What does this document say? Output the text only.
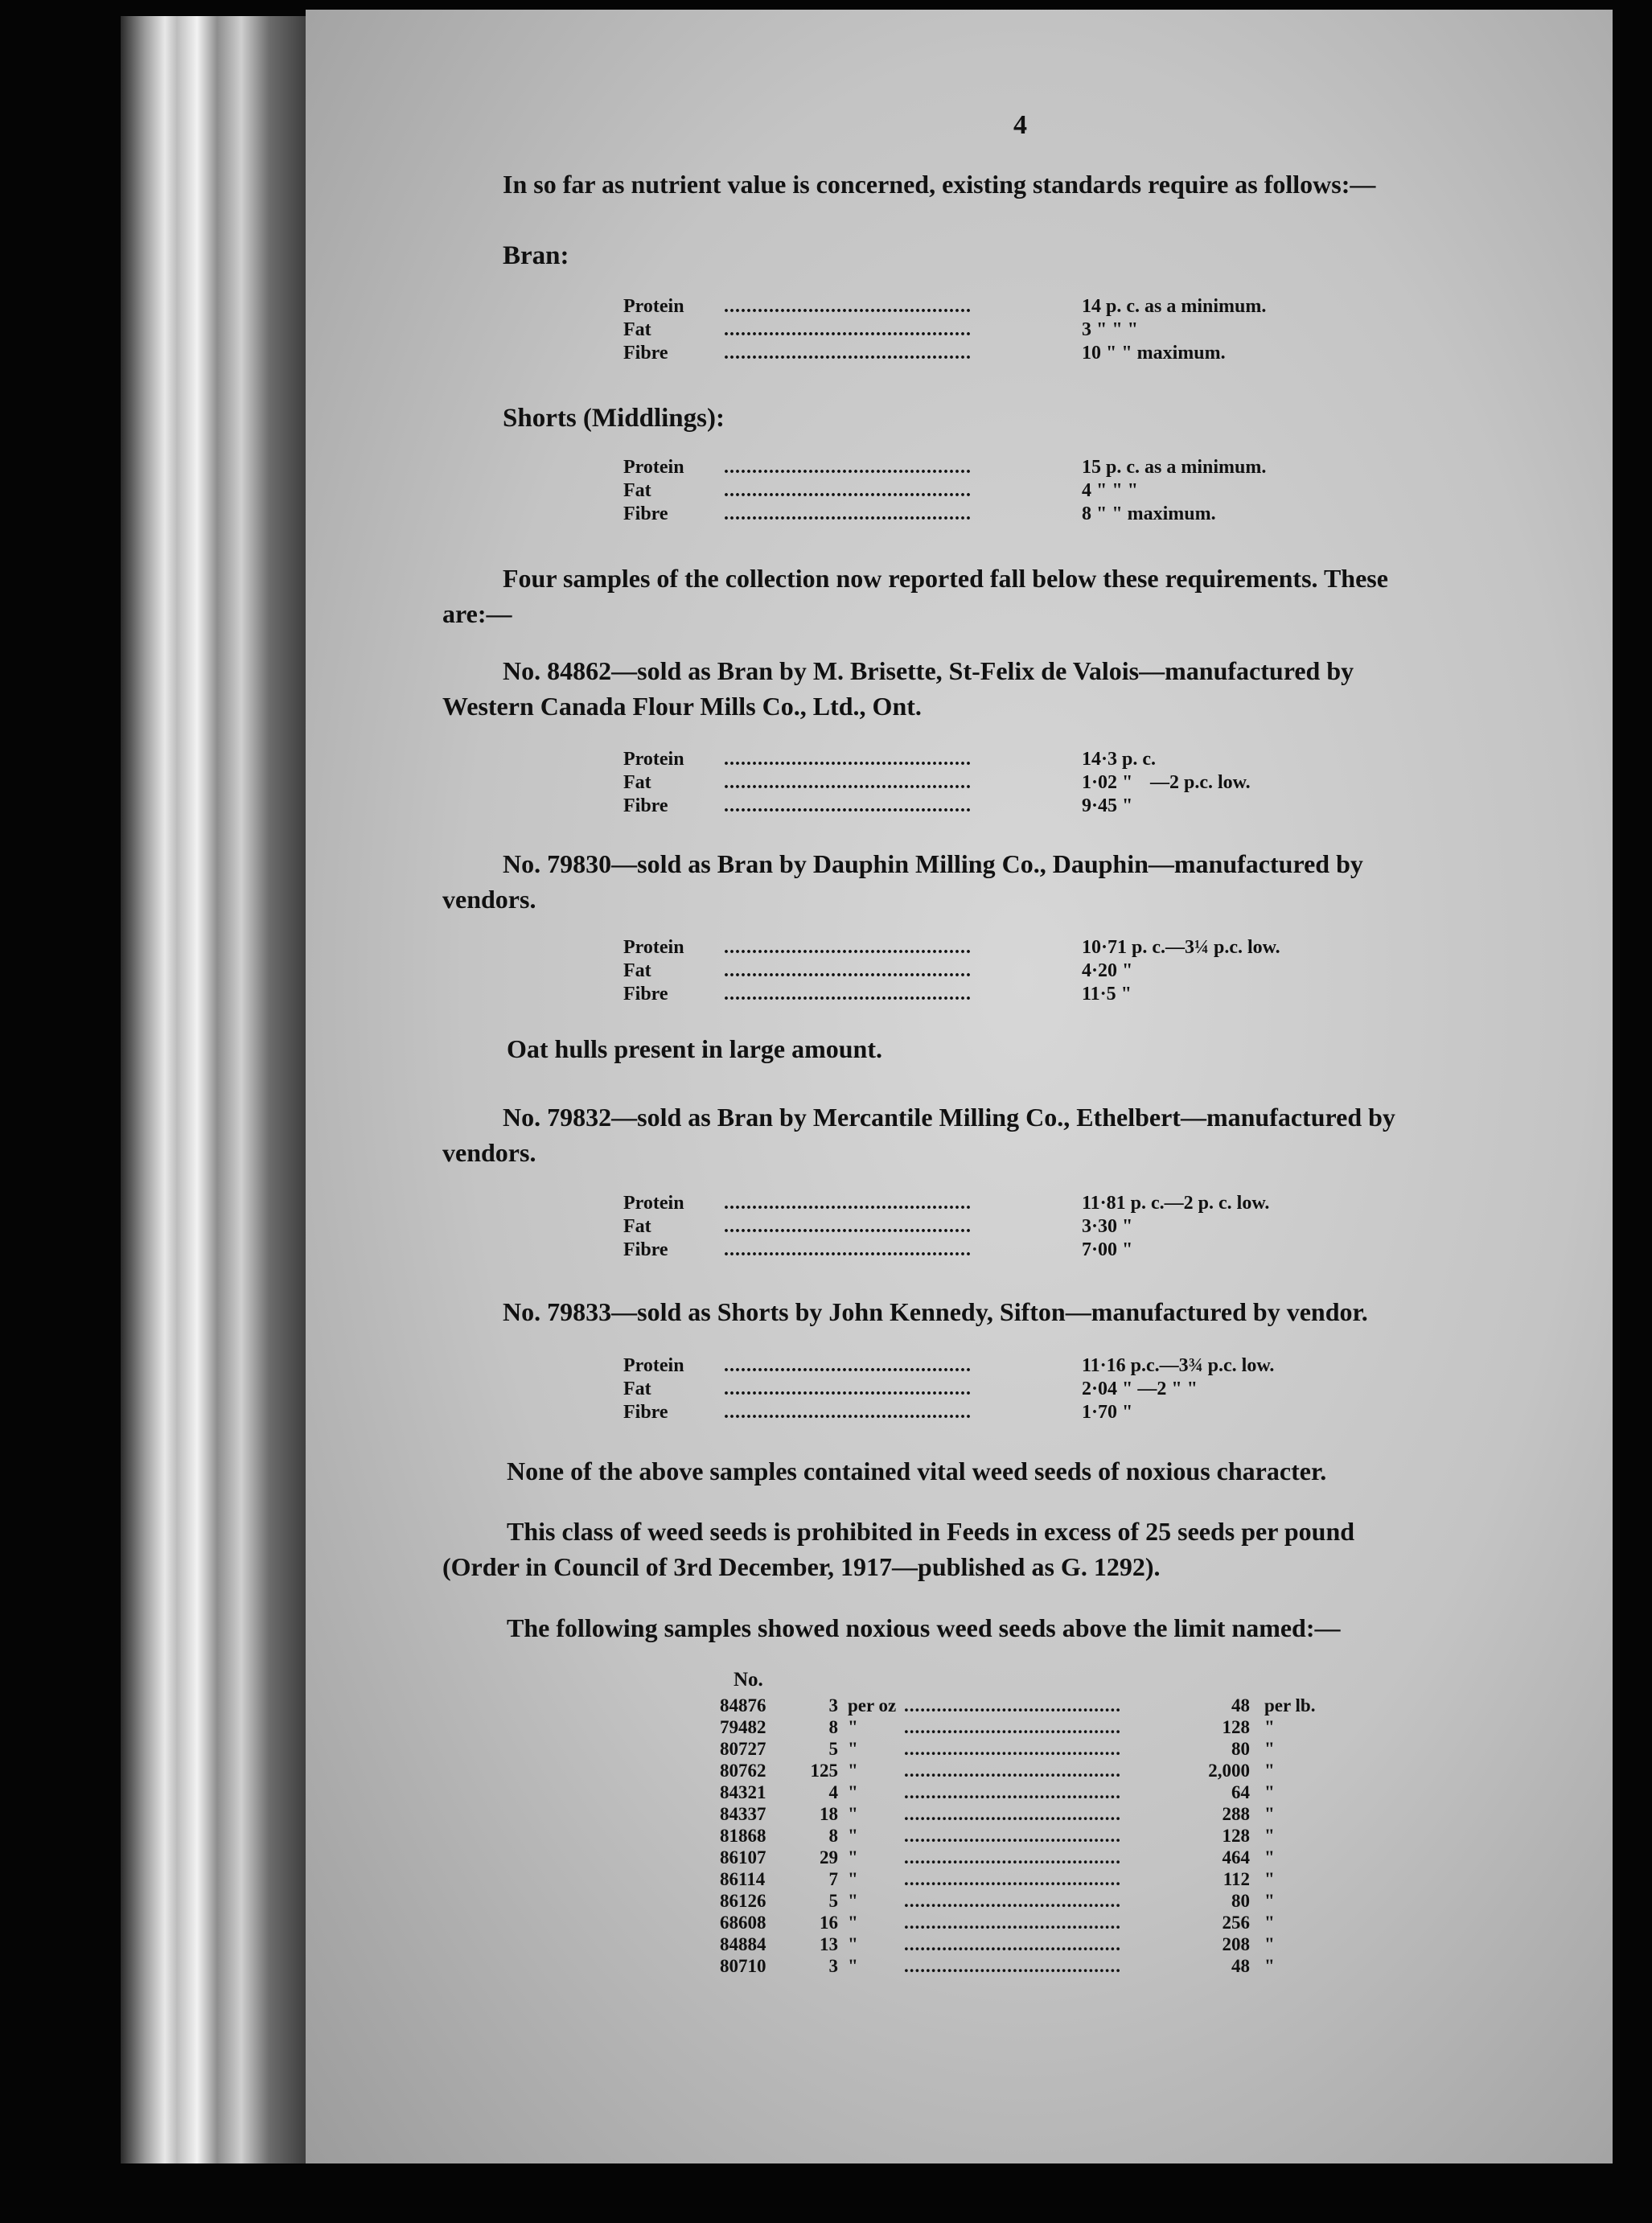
4
In so far as nutrient value is concerned, existing standards require as follows:—
Bran:
Protein	............................................	14 p. c. as a minimum.
Fat	............................................	3 " " "
Fibre	............................................	10 " " maximum.
Shorts (Middlings):
Protein	............................................	15 p. c. as a minimum.
Fat	............................................	4 " " "
Fibre	............................................	8 " " maximum.
Four samples of the collection now reported fall below these requirements. These
are:—
No. 84862—sold as Bran by M. Brisette, St-Felix de Valois—manufactured by
Western Canada Flour Mills Co., Ltd., Ont.
Protein	............................................	14·3 p. c.
Fat	............................................	1·02 " —2 p.c. low.
Fibre	............................................	9·45 "
No. 79830—sold as Bran by Dauphin Milling Co., Dauphin—manufactured by
vendors.
Protein	............................................	10·71 p. c.—3¼ p.c. low.
Fat	............................................	4·20 "
Fibre	............................................	11·5 "
Oat hulls present in large amount.
No. 79832—sold as Bran by Mercantile Milling Co., Ethelbert—manufactured by
vendors.
Protein	............................................	11·81 p. c.—2 p. c. low.
Fat	............................................	3·30 "
Fibre	............................................	7·00 "
No. 79833—sold as Shorts by John Kennedy, Sifton—manufactured by vendor.
Protein	............................................	11·16 p.c.—3¾ p.c. low.
Fat	............................................	2·04 " —2 " "
Fibre	............................................	1·70 "
None of the above samples contained vital weed seeds of noxious character.
This class of weed seeds is prohibited in Feeds in excess of 25 seeds per pound
(Order in Council of 3rd December, 1917—published as G. 1292).
The following samples showed noxious weed seeds above the limit named:—
No.
84876	3 per oz ........................................	48 per lb.
79482	8 "	........................................	128 "
80727	5 "	........................................	80 "
80762	125 "	........................................	2,000 "
84321	4 "	........................................	64 "
84337	18 "	........................................	288 "
81868	8 "	........................................	128 "
86107	29 "	........................................	464 "
86114	7 "	........................................	112 "
86126	5 "	........................................	80 "
68608	16 "	........................................	256 "
84884	13 "	........................................	208 "
80710	3 "	........................................	48 "
